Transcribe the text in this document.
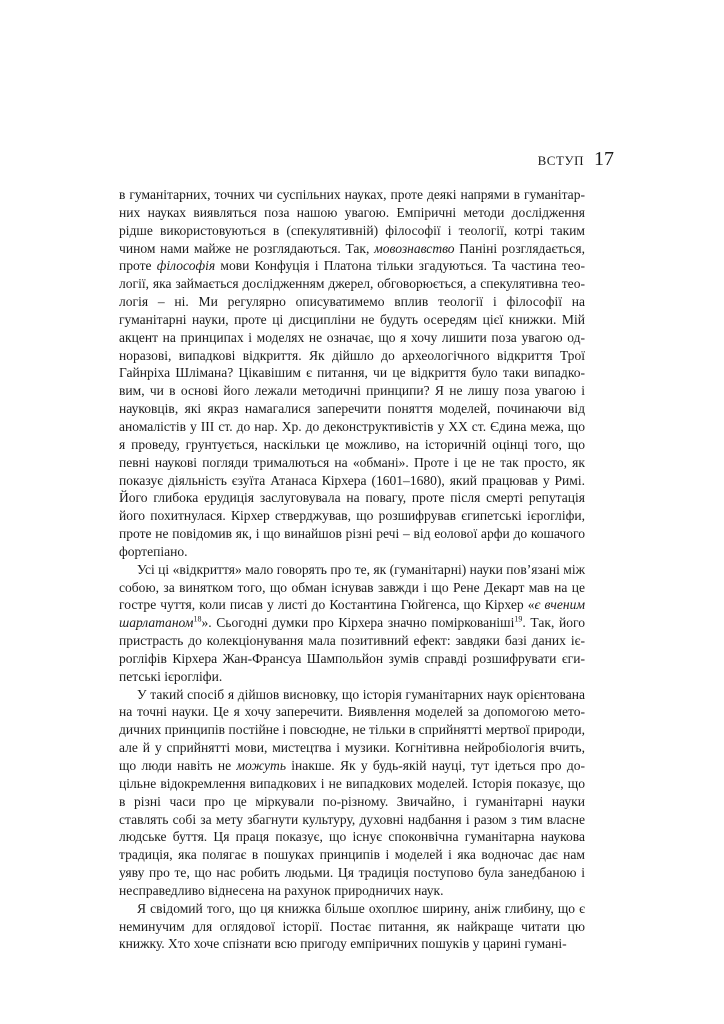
ВСТУП 17

в гуманітарних, точних чи суспільних науках, проте деякі напрями в гуманітарних науках виявляться поза нашою увагою. Емпіричні методи дослідження рідше використовуються в (спекулятивній) філософії і теології, котрі таким чином нами майже не розглядаються. Так, мовознавство Паніні розглядається, проте філософія мови Конфуція і Платона тільки згадуються. Та частина теології, яка займається дослідженням джерел, обговорюється, а спекулятивна теологія – ні. Ми регулярно описуватимемо вплив теології і філософії на гуманітарні науки, проте ці дисципліни не будуть осередям цієї книжки. Мій акцент на принципах і моделях не означає, що я хочу лишити поза увагою одноразові, випадкові відкриття. Як дійшло до археологічного відкриття Трої Гайнріха Шлімана? Цікавішим є питання, чи це відкриття було таки випадковим, чи в основі його лежали методичні принципи? Я не лишу поза увагою і науковців, які якраз намагалися заперечити поняття моделей, починаючи від аномалістів у III ст. до нар. Хр. до деконструктивістів у XX ст. Єдина межа, що я проведу, грунтується, наскільки це можливо, на історичній оцінці того, що певні наукові погляди трималються на «обмані». Проте і це не так просто, як показує діяльність єзуїта Атанаса Кірхера (1601–1680), який працював у Римі. Його глибока ерудиція заслуговувала на повагу, проте після смерті репутація його похитнулася. Кірхер стверджував, що розшифрував єгипетські ієрогліфи, проте не повідомив як, і що винайшов різні речі – від еолової арфи до кошачого фортепіано.

Усі ці «відкриття» мало говорять про те, як (гуманітарні) науки пов’язані між собою, за винятком того, що обман існував завжди і що Рене Декарт мав на це гостре чуття, коли писав у листі до Костантина Гюйгенса, що Кірхер «є вченим шарлатаном$^{18}$». Сьогодні думки про Кірхера значно поміркованіші$^{19}$. Так, його пристрасть до колекціонування мала позитивний ефект: завдяки базі даних ієрогліфів Кірхера Жан-Франсуа Шампольйон зумів справді розшифрувати єгипетські ієрогліфи.

У такий спосіб я дійшов висновку, що історія гуманітарних наук орієнтована на точні науки. Це я хочу заперечити. Виявлення моделей за допомогою методичних принципів постійне і повсюдне, не тільки в сприйнятті мертвої природи, але й у сприйнятті мови, мистецтва і музики. Когнітивна нейробіологія вчить, що люди навіть не можуть інакше. Як у будь-якій науці, тут ідеться про доцільне відокремлення випадкових і не випадкових моделей. Історія показує, що в різні часи про це міркували по-різному. Звичайно, і гуманітарні науки ставлять собі за мету збагнути культуру, духовні надбання і разом з тим власне людське буття. Ця праця показує, що існує споконвічна гуманітарна наукова традиція, яка полягає в пошуках принципів і моделей і яка водночас дає нам уяву про те, що нас робить людьми. Ця традиція поступово була занедбаною і несправедливо віднесена на рахунок природничих наук.

Я свідомий того, що ця книжка більше охоплює ширину, аніж глибину, що є неминучим для оглядової історії. Постає питання, як найкраще читати цю книжку. Хто хоче спізнати всю пригоду емпіричних пошуків у царині гумані-
